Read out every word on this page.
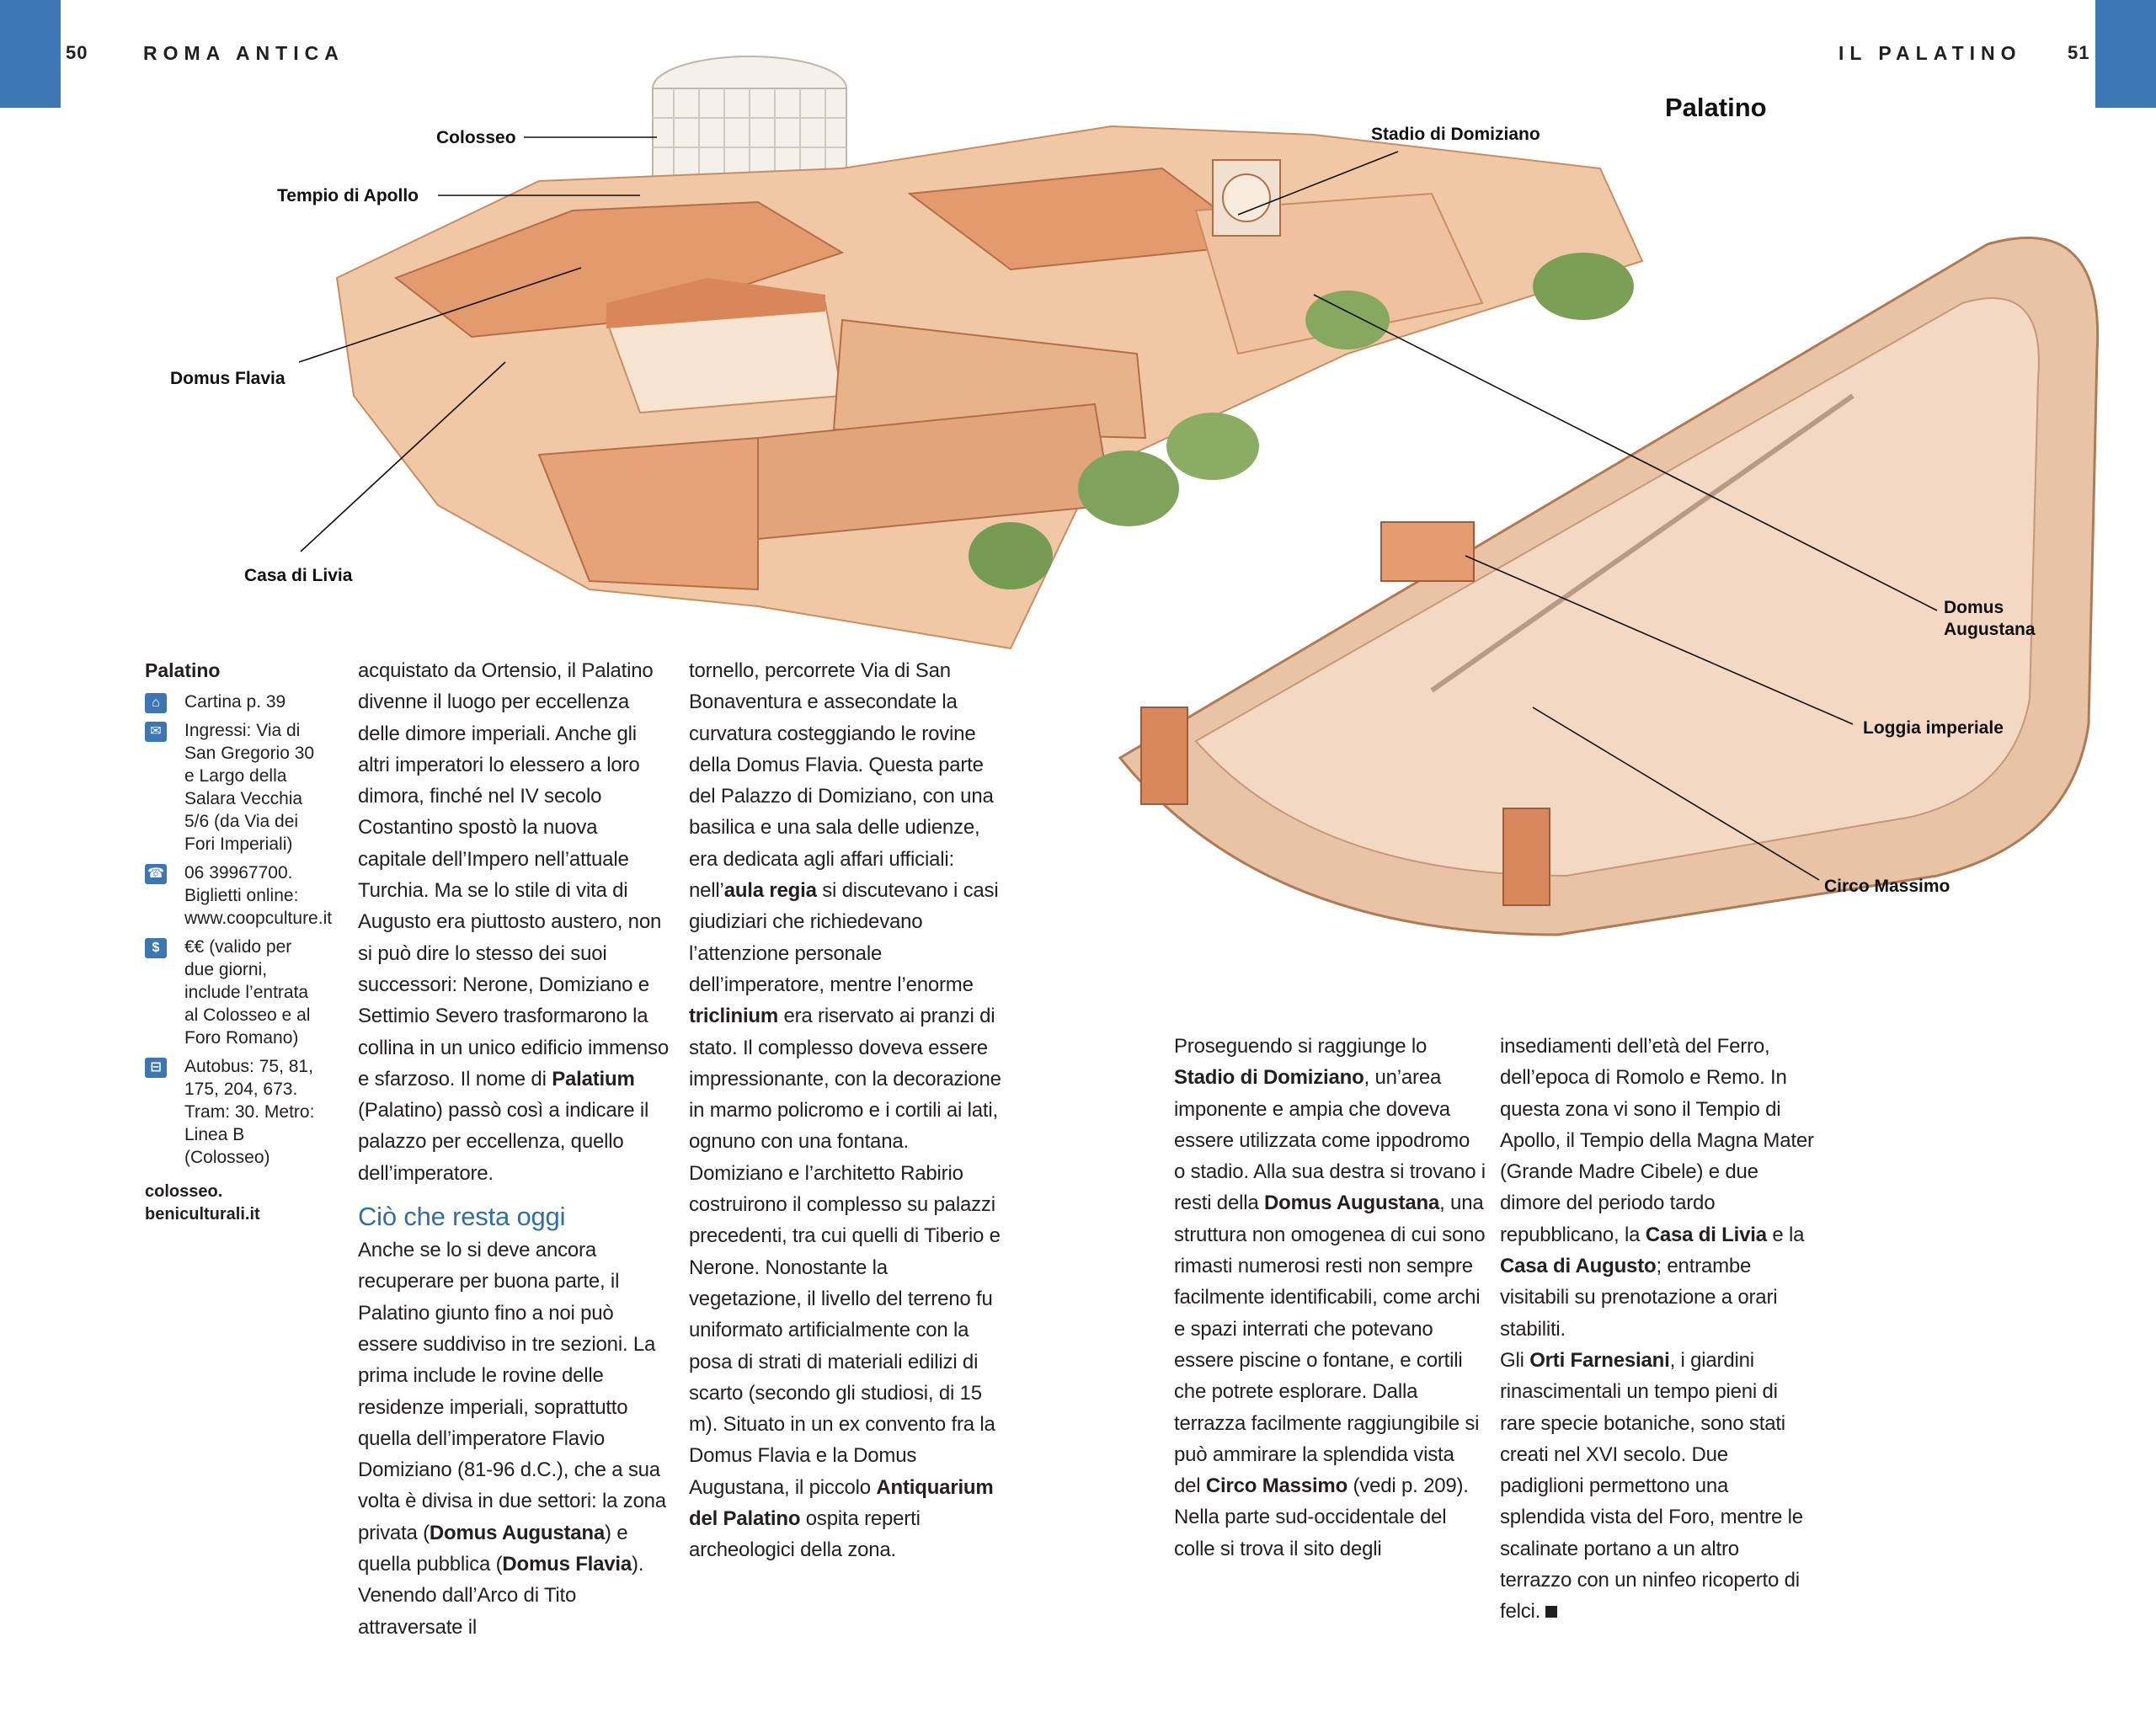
50	ROMA ANTICA	IL PALATINO 51
Colosseo
Tempio di Apollo
Domus Flavia
Casa di Livia
Stadio di Domiziano
Domus
Augustana
Loggia imperiale
Circo Massimo
Palatino
Palatino
⌂	Cartina p. 39
✉ Ingressi: Via di San Gregorio 30 e Largo della Salara Vecchia 5/6 (da Via dei Fori Imperiali)
☎ 06 39967700. Biglietti online: www.coopculture.it
$	€€ (valido per due giorni, include l’entrata al Colosseo e al Foro Romano)
⊟ Autobus: 75, 81, 175, 204, 673. Tram: 30. Metro: Linea B (Colosseo)
colosseo.
beniculturali.it

acquistato da Ortensio, il Palatino divenne il luogo per eccellenza delle dimore imperiali. Anche gli altri imperatori lo elessero a loro dimora, finché nel IV secolo Costantino spostò la nuova capitale dell’Impero nell’attuale Turchia. Ma se lo stile di vita di Augusto era piuttosto austero, non si può dire lo stesso dei suoi successori: Nerone, Domiziano e Settimio Severo trasformarono la collina in un unico edificio immenso e sfarzoso. Il nome di Palatium (Palatino) passò così a indicare il palazzo per eccellenza, quello dell’imperatore.

Ciò che resta oggi

Anche se lo si deve ancora recuperare per buona parte, il Palatino giunto fino a noi può essere suddiviso in tre sezioni. La prima include le rovine delle residenze imperiali, soprattutto quella dell’imperatore Flavio Domiziano (81-96 d.C.), che a sua volta è divisa in due settori: la zona privata (Domus Augustana) e quella pubblica (Domus Flavia). Venendo dall’Arco di Tito attraversate il

tornello, percorrete Via di San Bonaventura e assecondate la curvatura costeggiando le rovine della Domus Flavia. Questa parte del Palazzo di Domiziano, con una basilica e una sala delle udienze, era dedicata agli affari ufficiali: nell’aula regia si discutevano i casi giudiziari che richiedevano l’attenzione personale dell’imperatore, mentre l’enorme triclinium era riservato ai pranzi di stato. Il complesso doveva essere impressionante, con la decorazione in marmo policromo e i cortili ai lati, ognuno con una fontana. Domiziano e l’architetto Rabirio costruirono il complesso su palazzi precedenti, tra cui quelli di Tiberio e Nerone. Nonostante la vegetazione, il livello del terreno fu uniformato artificialmente con la posa di strati di materiali edilizi di scarto (secondo gli studiosi, di 15 m). Situato in un ex convento fra la Domus Flavia e la Domus Augustana, il piccolo Antiquarium del Palatino ospita reperti archeologici della zona.

Proseguendo si raggiunge lo Stadio di Domiziano, un’area imponente e ampia che doveva essere utilizzata come ippodromo o stadio. Alla sua destra si trovano i resti della Domus Augustana, una struttura non omogenea di cui sono rimasti numerosi resti non sempre facilmente identificabili, come archi e spazi interrati che potevano essere piscine o fontane, e cortili che potrete esplorare. Dalla terrazza facilmente raggiungibile si può ammirare la splendida vista del Circo Massimo (vedi p. 209). Nella parte sud-occidentale del colle si trova il sito degli

insediamenti dell’età del Ferro, dell’epoca di Romolo e Remo. In questa zona vi sono il Tempio di Apollo, il Tempio della Magna Mater (Grande Madre Cibele) e due dimore del periodo tardo repubblicano, la Casa di Livia e la Casa di Augusto; entrambe visitabili su prenotazione a orari stabiliti.

Gli Orti Farnesiani, i giardini rinascimentali un tempo pieni di rare specie botaniche, sono stati creati nel XVI secolo. Due padiglioni permettono una splendida vista del Foro, mentre le scalinate portano a un altro terrazzo con un ninfeo ricoperto di felci.
